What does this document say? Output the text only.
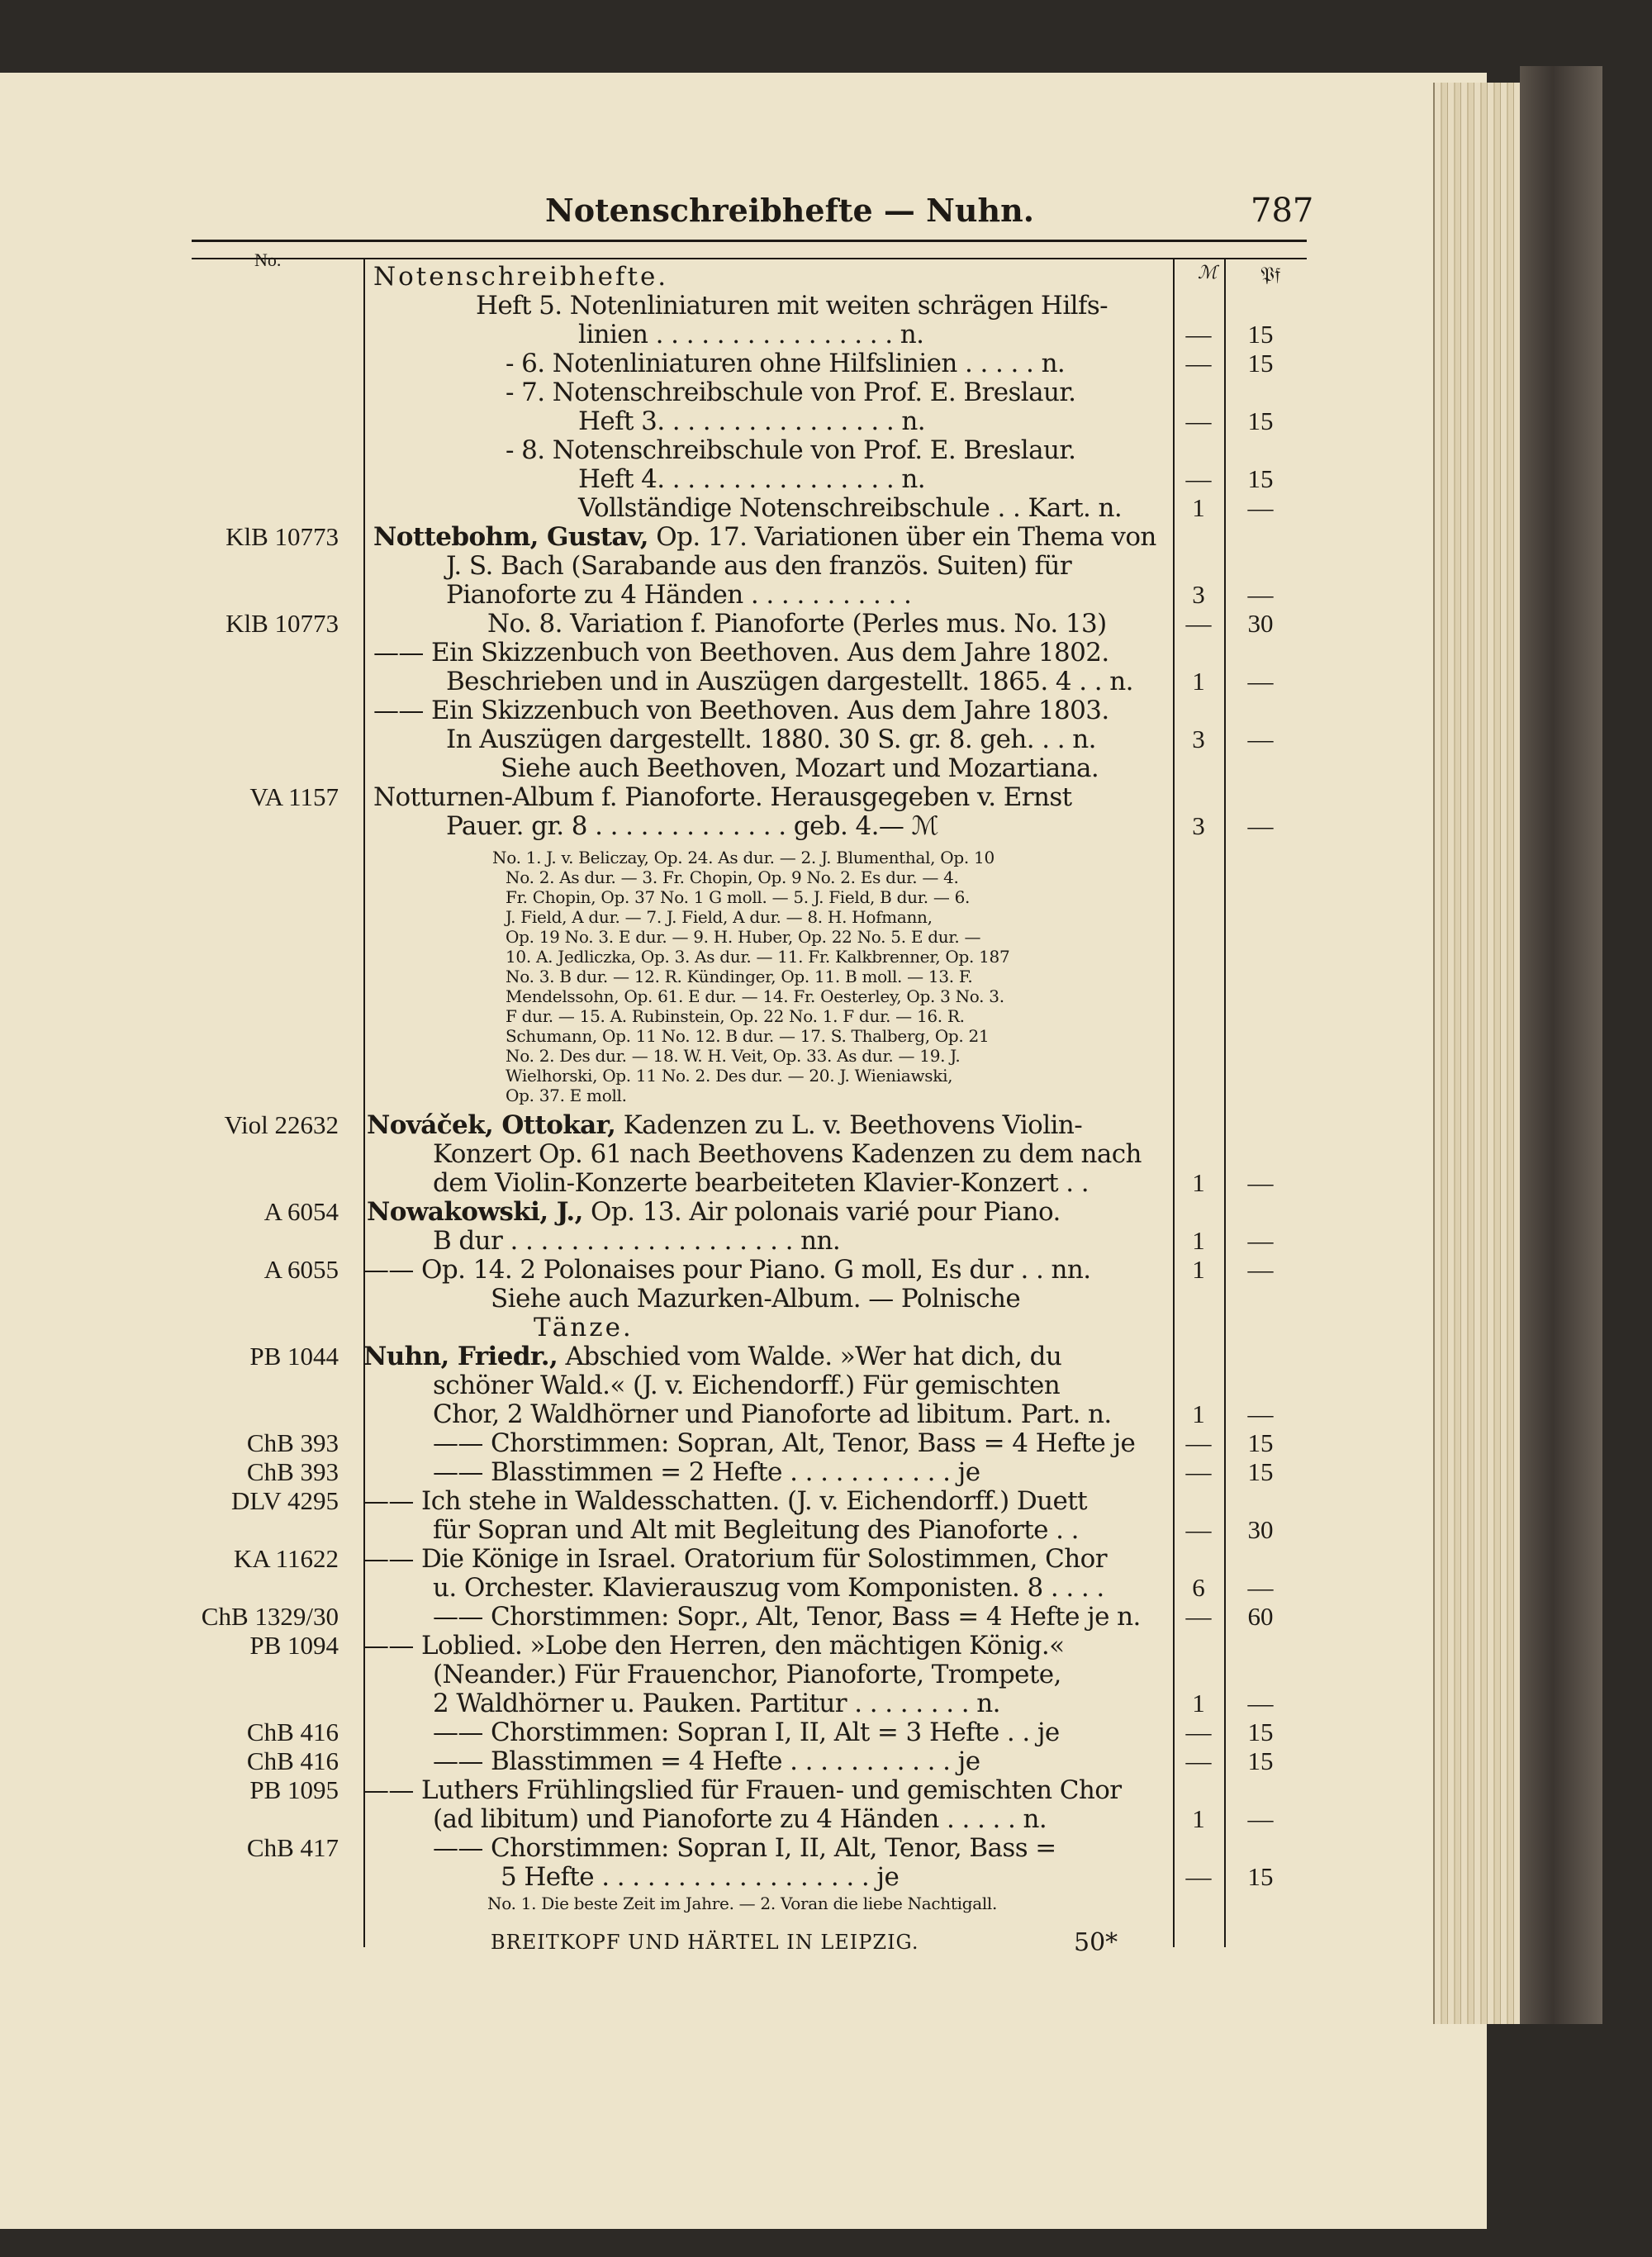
Notenschreibhefte — Nuhn.	787
No.
ℳ 𝔓𝔣
Notenschreibhefte.
Heft 5. Notenliniaturen mit weiten schrägen Hilfs-
linien . . . . . . . . . . . . . . . . n.	—	15
- 6. Notenliniaturen ohne Hilfslinien . . . . . n.	—	15
- 7. Notenschreibschule von Prof. E. Breslaur.
Heft 3. . . . . . . . . . . . . . . . n.	—	15
- 8. Notenschreibschule von Prof. E. Breslaur.
Heft 4. . . . . . . . . . . . . . . . n.	—	15
Vollständige Notenschreibschule . . Kart. n.	1	—
KlB 10773 Nottebohm, Gustav, Op. 17. Variationen über ein Thema von
J. S. Bach (Sarabande aus den französ. Suiten) für
Pianoforte zu 4 Händen . . . . . . . . . . .	3	—
KlB 10773	No. 8. Variation f. Pianoforte (Perles mus. No. 13)	—	30
—— Ein Skizzenbuch von Beethoven. Aus dem Jahre 1802.
Beschrieben und in Auszügen dargestellt. 1865. 4 . . n.	1	—
—— Ein Skizzenbuch von Beethoven. Aus dem Jahre 1803.
In Auszügen dargestellt. 1880. 30 S. gr. 8. geh. . . n.	3	—
Siehe auch Beethoven, Mozart und Mozartiana.
VA 1157 Notturnen-Album f. Pianoforte. Herausgegeben v. Ernst
Pauer. gr. 8 . . . . . . . . . . . . . geb. 4.— ℳ	3	—
No. 1. J. v. Beliczay, Op. 24. As dur. — 2. J. Blumenthal, Op. 10
No. 2. As dur. — 3. Fr. Chopin, Op. 9 No. 2. Es dur. — 4.
Fr. Chopin, Op. 37 No. 1 G moll. — 5. J. Field, B dur. — 6.
J. Field, A dur. — 7. J. Field, A dur. — 8. H. Hofmann,
Op. 19 No. 3. E dur. — 9. H. Huber, Op. 22 No. 5. E dur. —
10. A. Jedliczka, Op. 3. As dur. — 11. Fr. Kalkbrenner, Op. 187
No. 3. B dur. — 12. R. Kündinger, Op. 11. B moll. — 13. F.
Mendelssohn, Op. 61. E dur. — 14. Fr. Oesterley, Op. 3 No. 3.
F dur. — 15. A. Rubinstein, Op. 22 No. 1. F dur. — 16. R.
Schumann, Op. 11 No. 12. B dur. — 17. S. Thalberg, Op. 21
No. 2. Des dur. — 18. W. H. Veit, Op. 33. As dur. — 19. J.
Wielhorski, Op. 11 No. 2. Des dur. — 20. J. Wieniawski,
Op. 37. E moll.
Viol 22632 Nováček, Ottokar, Kadenzen zu L. v. Beethovens Violin-
Konzert Op. 61 nach Beethovens Kadenzen zu dem nach
dem Violin-Konzerte bearbeiteten Klavier-Konzert . .	1	—
A 6054 Nowakowski, J., Op. 13. Air polonais varié pour Piano.
B dur . . . . . . . . . . . . . . . . . . . nn.	1	—
A 6055 —— Op. 14. 2 Polonaises pour Piano. G moll, Es dur . . nn.	1	—
Siehe auch Mazurken-Album. — Polnische
Tänze.
PB 1044 Nuhn, Friedr., Abschied vom Walde. »Wer hat dich, du
schöner Wald.« (J. v. Eichendorff.) Für gemischten
Chor, 2 Waldhörner und Pianoforte ad libitum. Part. n.	1	—
ChB 393	—— Chorstimmen: Sopran, Alt, Tenor, Bass = 4 Hefte je	—	15
ChB 393	—— Blasstimmen = 2 Hefte . . . . . . . . . . . je	—	15
DLV 4295 —— Ich stehe in Waldesschatten. (J. v. Eichendorff.) Duett
für Sopran und Alt mit Begleitung des Pianoforte . .	—	30
KA 11622 —— Die Könige in Israel. Oratorium für Solostimmen, Chor
u. Orchester. Klavierauszug vom Komponisten. 8 . . . .	6	—
ChB 1329/30	—— Chorstimmen: Sopr., Alt, Tenor, Bass = 4 Hefte je n.	—	60
PB 1094 —— Loblied. »Lobe den Herren, den mächtigen König.«
(Neander.) Für Frauenchor, Pianoforte, Trompete,
2 Waldhörner u. Pauken. Partitur . . . . . . . . n.	1	—
ChB 416	—— Chorstimmen: Sopran I, II, Alt = 3 Hefte . . je	—	15
ChB 416	—— Blasstimmen = 4 Hefte . . . . . . . . . . . je	—	15
PB 1095 —— Luthers Frühlingslied für Frauen- und gemischten Chor
(ad libitum) und Pianoforte zu 4 Händen . . . . . n.	1	—
ChB 417	—— Chorstimmen: Sopran I, II, Alt, Tenor, Bass =
5 Hefte . . . . . . . . . . . . . . . . . . je	—	15
No. 1. Die beste Zeit im Jahre. — 2. Voran die liebe Nachtigall.
BREITKOPF UND HÄRTEL IN LEIPZIG.	50*
